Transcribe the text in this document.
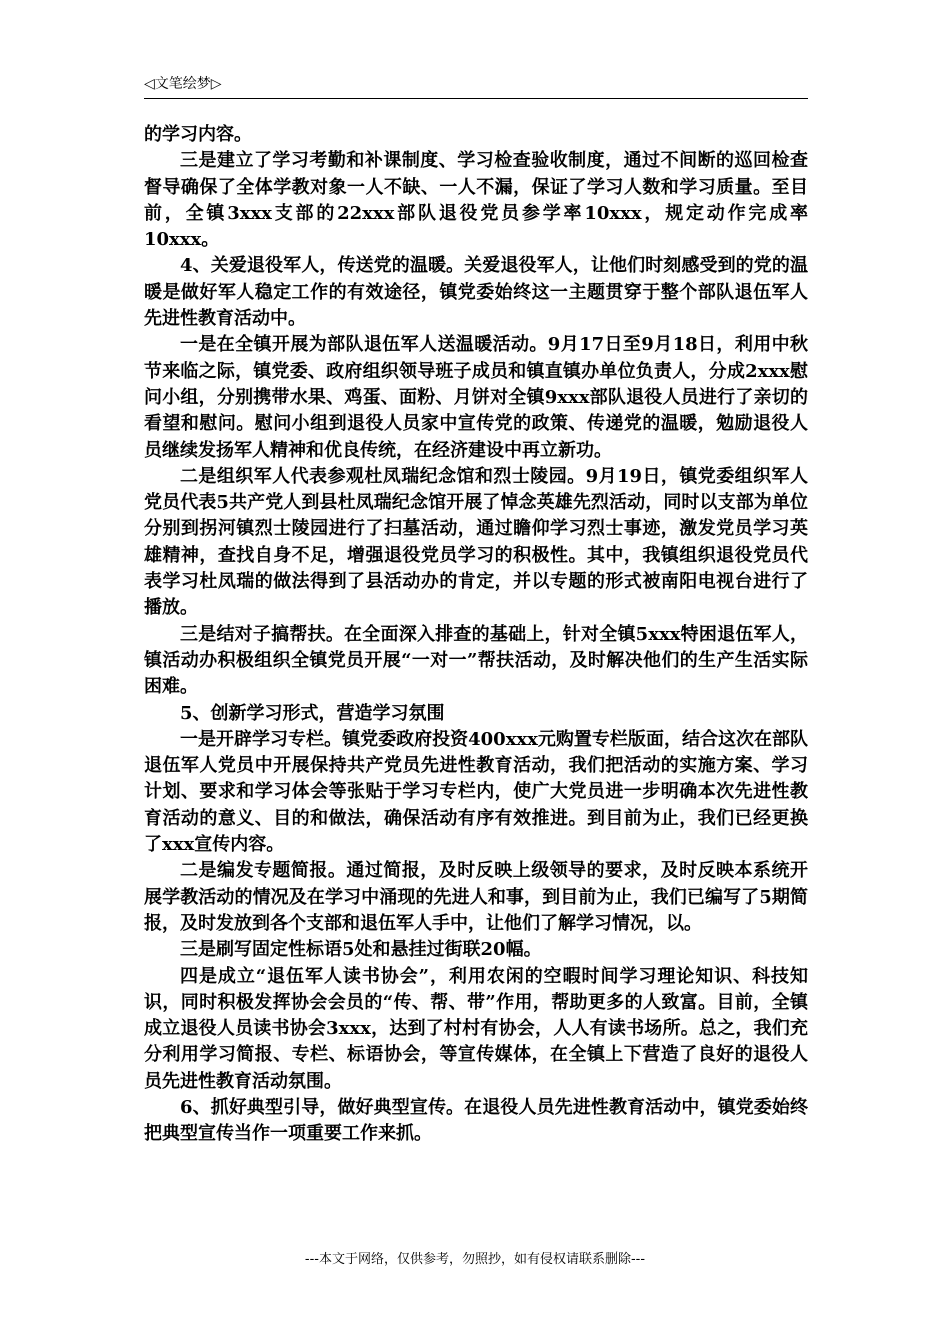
◁文笔绘梦▷

的学习内容。

三是建立了学习考勤和补课制度、学习检查验收制度，通过不间断的巡回检查督导确保了全体学教对象一人不缺、一人不漏，保证了学习人数和学习质量。至目前，全镇3xxx支部的22xxx部队退役党员参学率10xxx，规定动作完成率10xxx。

4、关爱退役军人，传送党的温暖。关爱退役军人，让他们时刻感受到的党的温暖是做好军人稳定工作的有效途径，镇党委始终这一主题贯穿于整个部队退伍军人先进性教育活动中。

一是在全镇开展为部队退伍军人送温暖活动。9月17日至9月18日，利用中秋节来临之际，镇党委、政府组织领导班子成员和镇直镇办单位负责人，分成2xxx慰问小组，分别携带水果、鸡蛋、面粉、月饼对全镇9xxx部队退役人员进行了亲切的看望和慰问。慰问小组到退役人员家中宣传党的政策、传递党的温暖，勉励退役人员继续发扬军人精神和优良传统，在经济建设中再立新功。

二是组织军人代表参观杜凤瑞纪念馆和烈士陵园。9月19日，镇党委组织军人党员代表5共产党人到县杜凤瑞纪念馆开展了悼念英雄先烈活动，同时以支部为单位分别到拐河镇烈士陵园进行了扫墓活动，通过瞻仰学习烈士事迹，激发党员学习英雄精神，查找自身不足，增强退役党员学习的积极性。其中，我镇组织退役党员代表学习杜凤瑞的做法得到了县活动办的肯定，并以专题的形式被南阳电视台进行了播放。

三是结对子搞帮扶。在全面深入排查的基础上，针对全镇5xxx特困退伍军人，镇活动办积极组织全镇党员开展“一对一”帮扶活动，及时解决他们的生产生活实际困难。

5、创新学习形式，营造学习氛围

一是开辟学习专栏。镇党委政府投资400xxx元购置专栏版面，结合这次在部队退伍军人党员中开展保持共产党员先进性教育活动，我们把活动的实施方案、学习计划、要求和学习体会等张贴于学习专栏内，使广大党员进一步明确本次先进性教育活动的意义、目的和做法，确保活动有序有效推进。到目前为止，我们已经更换了xxx宣传内容。

二是编发专题简报。通过简报，及时反映上级领导的要求，及时反映本系统开展学教活动的情况及在学习中涌现的先进人和事，到目前为止，我们已编写了5期简报，及时发放到各个支部和退伍军人手中，让他们了解学习情况，以。

三是刷写固定性标语5处和悬挂过街联20幅。

四是成立“退伍军人读书协会”，利用农闲的空暇时间学习理论知识、科技知识，同时积极发挥协会会员的“传、帮、带”作用，帮助更多的人致富。目前，全镇成立退役人员读书协会3xxx，达到了村村有协会，人人有读书场所。总之，我们充分利用学习简报、专栏、标语协会，等宣传媒体，在全镇上下营造了良好的退役人员先进性教育活动氛围。

6、抓好典型引导，做好典型宣传。在退役人员先进性教育活动中，镇党委始终把典型宣传当作一项重要工作来抓。

---本文于网络，仅供参考，勿照抄，如有侵权请联系删除---
